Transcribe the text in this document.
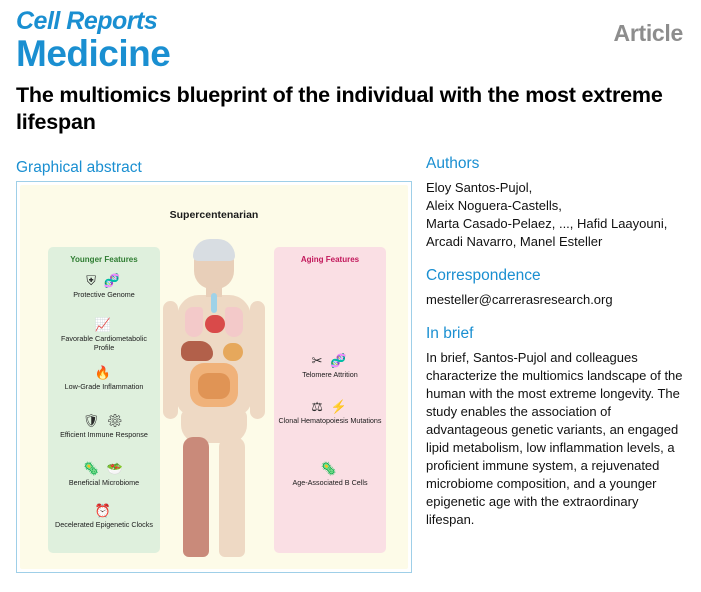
Cell Reports
Medicine	Article
The multiomics blueprint of the individual with the most extreme lifespan
Graphical abstract
Supercentenarian
Younger Features
⛨ 🧬
Protective Genome
📈
Favorable Cardiometabolic Profile
🔥
Low-Grade Inflammation
🛡 ⚙
Efficient Immune Response
🦠 🥗
Beneficial Microbiome
⏰
Decelerated Epigenetic Clocks
Aging Features
✂ 🧬
Telomere Attrition
⚖ ⚡
Clonal Hematopoiesis Mutations
🦠
Age-Associated B Cells
Authors

Eloy Santos-Pujol,

Aleix Noguera-Castells,

Marta Casado-Pelaez, ..., Hafid Laayouni,

Arcadi Navarro, Manel Esteller

Correspondence
mesteller@carrerasresearch.org
In brief
In brief, Santos-Pujol and colleagues characterize the multiomics landscape of the human with the most extreme longevity. The study enables the association of advantageous genetic variants, an engaged lipid metabolism, low inflammation levels, a proficient immune system, a rejuvenated microbiome composition, and a younger epigenetic age with the extraordinary lifespan.
